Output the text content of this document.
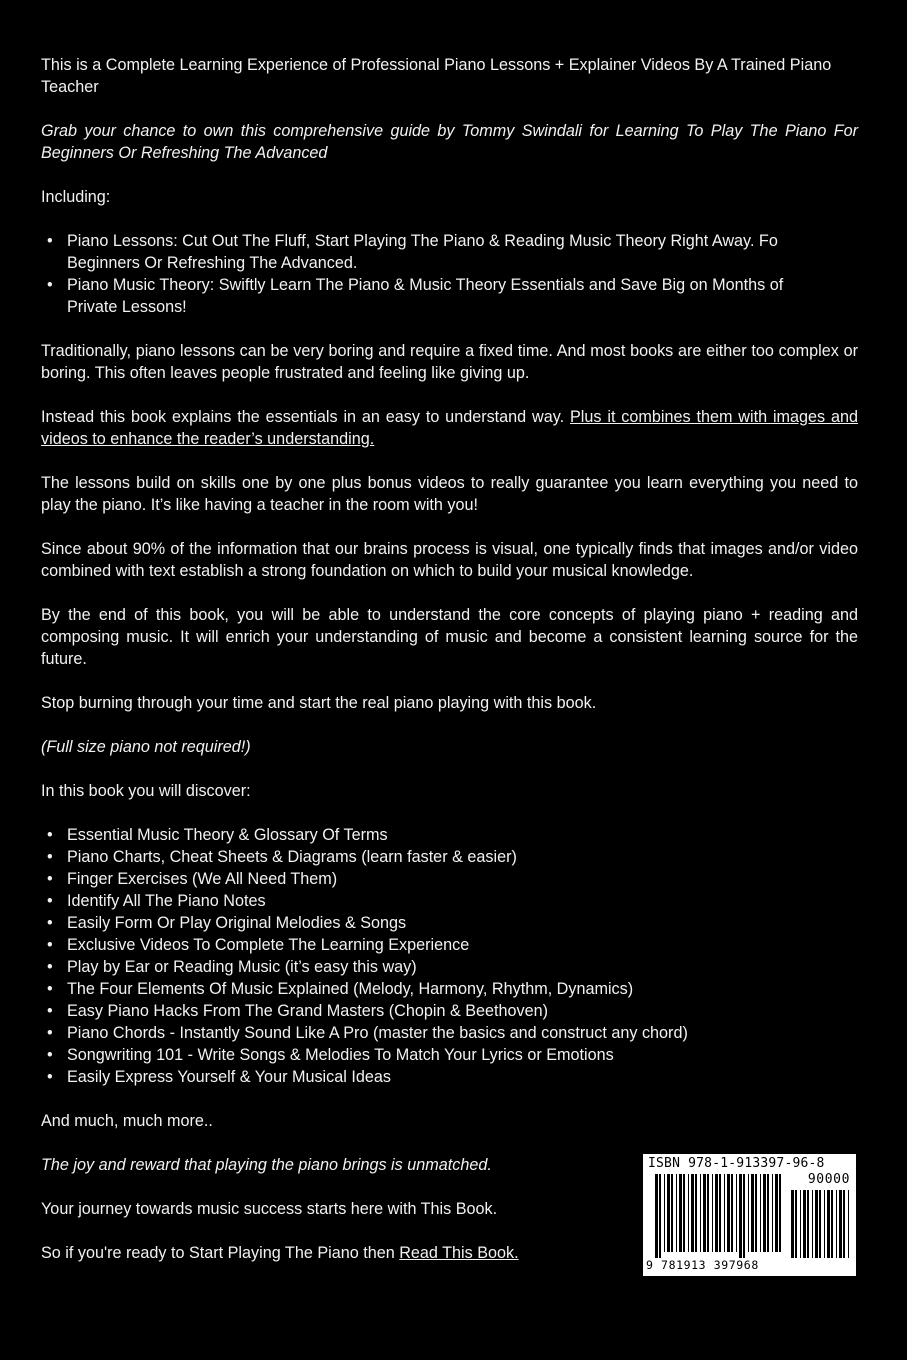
This is a Complete Learning Experience of Professional Piano Lessons + Explainer Videos By A Trained Piano Teacher

Grab your chance to own this comprehensive guide by Tommy Swindali for Learning To Play The Piano For Beginners Or Refreshing The Advanced

Including:

• Piano Lessons: Cut Out The Fluff, Start Playing The Piano & Reading Music Theory Right Away. Fo Beginners Or Refreshing The Advanced.
• Piano Music Theory: Swiftly Learn The Piano & Music Theory Essentials and Save Big on Months of Private Lessons!

Traditionally, piano lessons can be very boring and require a fixed time. And most books are either too complex or boring. This often leaves people frustrated and feeling like giving up.

Instead this book explains the essentials in an easy to understand way. Plus it combines them with images and videos to enhance the reader’s understanding.

The lessons build on skills one by one plus bonus videos to really guarantee you learn everything you need to play the piano. It’s like having a teacher in the room with you!

Since about 90% of the information that our brains process is visual, one typically finds that images and/or video combined with text establish a strong foundation on which to build your musical knowledge.

By the end of this book, you will be able to understand the core concepts of playing piano + reading and composing music. It will enrich your understanding of music and become a consistent learning source for the future.

Stop burning through your time and start the real piano playing with this book.

(Full size piano not required!)

In this book you will discover:

• Essential Music Theory & Glossary Of Terms
• Piano Charts, Cheat Sheets & Diagrams (learn faster & easier)
• Finger Exercises (We All Need Them)
• Identify All The Piano Notes
• Easily Form Or Play Original Melodies & Songs
• Exclusive Videos To Complete The Learning Experience
• Play by Ear or Reading Music (it’s easy this way)
• The Four Elements Of Music Explained (Melody, Harmony, Rhythm, Dynamics)
• Easy Piano Hacks From The Grand Masters (Chopin & Beethoven)
• Piano Chords - Instantly Sound Like A Pro (master the basics and construct any chord)
• Songwriting 101 - Write Songs & Melodies To Match Your Lyrics or Emotions
• Easily Express Yourself & Your Musical Ideas

And much, much more..

The joy and reward that playing the piano brings is unmatched.

Your journey towards music success starts here with This Book.

So if you're ready to Start Playing The Piano then Read This Book.

ISBN 978-1-913397-96-8
90000
9 781913 397968
